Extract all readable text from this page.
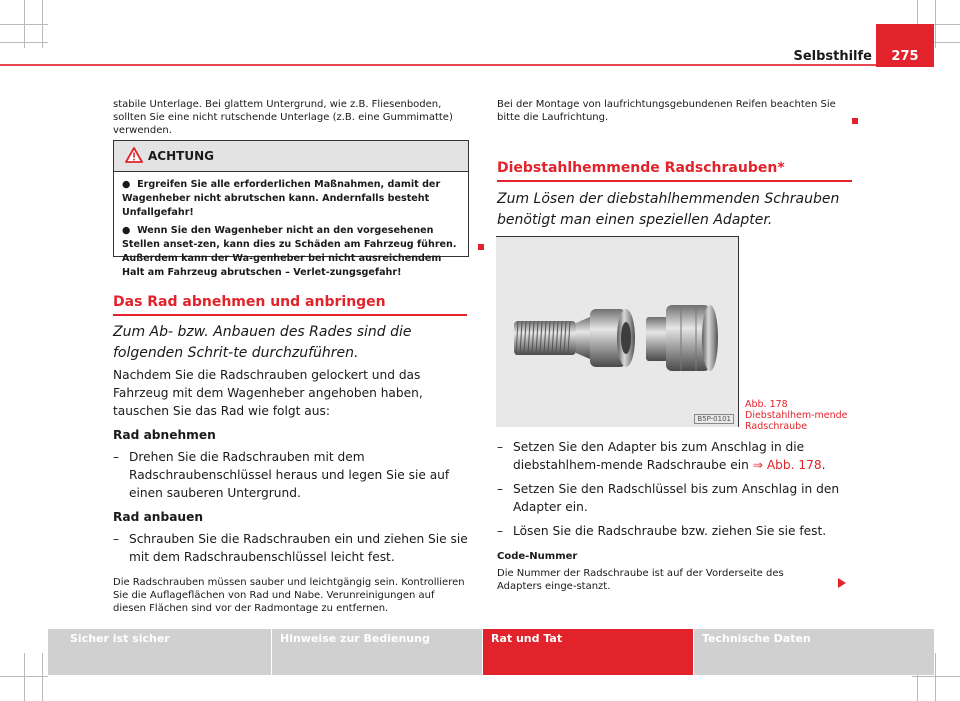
Selbsthilfe	275

stabile Unterlage. Bei glattem Untergrund, wie z.B. Fliesenboden, sollten Sie eine nicht rutschende Unterlage (z.B. eine Gummimatte) verwenden.

ACHTUNG
● Ergreifen Sie alle erforderlichen Maßnahmen, damit der Wagenheber nicht abrutschen kann. Andernfalls besteht Unfallgefahr!
● Wenn Sie den Wagenheber nicht an den vorgesehenen Stellen anset-zen, kann dies zu Schäden am Fahrzeug führen. Außerdem kann der Wa-genheber bei nicht ausreichendem Halt am Fahrzeug abrutschen – Verlet-zungsgefahr!
Das Rad abnehmen und anbringen
Zum Ab- bzw. Anbauen des Rades sind die folgenden Schrit-te durchzuführen.

Nachdem Sie die Radschrauben gelockert und das Fahrzeug mit dem Wagenheber angehoben haben, tauschen Sie das Rad wie folgt aus:

Rad abnehmen

– Drehen Sie die Radschrauben mit dem Radschraubenschlüssel heraus und legen Sie sie auf einen sauberen Untergrund.

Rad anbauen

– Schrauben Sie die Radschrauben ein und ziehen Sie sie mit dem Radschraubenschlüssel leicht fest.

Die Radschrauben müssen sauber und leichtgängig sein. Kontrollieren Sie die Auflageflächen von Rad und Nabe. Verunreinigungen auf diesen Flächen sind vor der Radmontage zu entfernen.

Bei der Montage von laufrichtungsgebundenen Reifen beachten Sie bitte die Laufrichtung.

Diebstahlhemmende Radschrauben*
Zum Lösen der diebstahlhemmenden Schrauben benötigt man einen speziellen Adapter.
B5P-0101
Abb. 178 Diebstahlhem-mende Radschraube
– Setzen Sie den Adapter bis zum Anschlag in die diebstahlhem-mende Radschraube ein ⇒ Abb. 178.
– Setzen Sie den Radschlüssel bis zum Anschlag in den Adapter ein.
– Lösen Sie die Radschraube bzw. ziehen Sie sie fest.

Code-Nummer

Die Nummer der Radschraube ist auf der Vorderseite des Adapters einge-stanzt.

Sicher ist sicher	Hinweise zur Bedienung	Rat und Tat	Technische Daten
